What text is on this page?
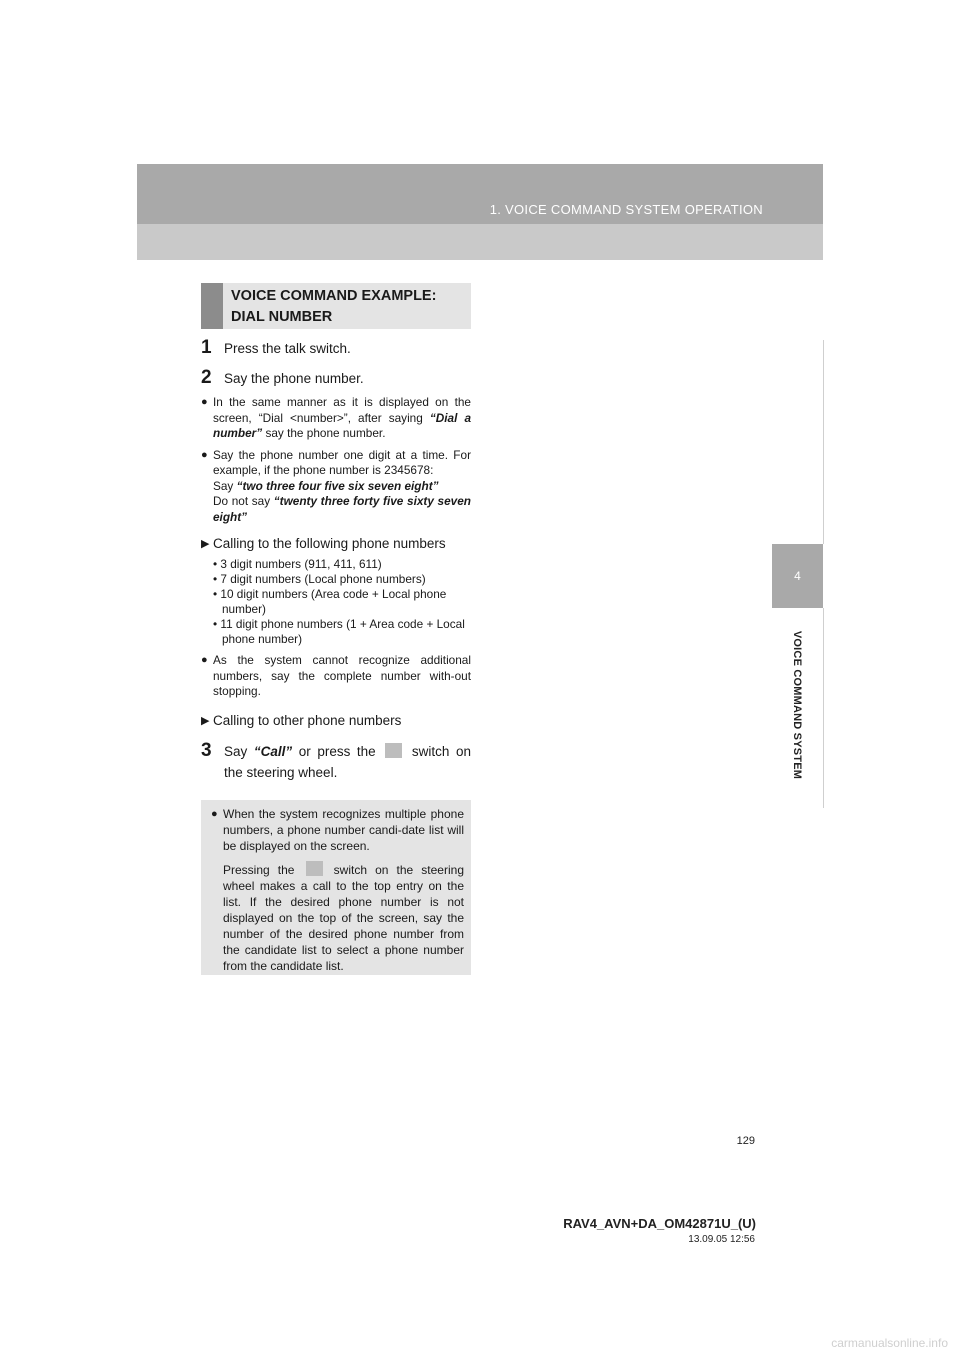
1. VOICE COMMAND SYSTEM OPERATION
4
VOICE COMMAND SYSTEM
VOICE COMMAND EXAMPLE:
DIAL NUMBER
1 Press the talk switch.
2 Say the phone number.
● In the same manner as it is displayed on the screen, “Dial <number>”, after saying “Dial a number” say the phone number.
● Say the phone number one digit at a time. For example, if the phone number is 2345678:
Say “two three four five six seven eight”
Do not say “twenty three forty five sixty seven eight”
▶ Calling to the following phone numbers
• 3 digit numbers (911, 411, 611)
• 7 digit numbers (Local phone numbers)
• 10 digit numbers (Area code + Local phone number)
• 11 digit phone numbers (1 + Area code + Local phone number)
● As the system cannot recognize additional numbers, say the complete number with-out stopping.
▶ Calling to other phone numbers
3 Say “Call” or press the  switch on the steering wheel.
● When the system recognizes multiple phone numbers, a phone number candi-date list will be displayed on the screen.

Pressing the  switch on the steering wheel makes a call to the top entry on the list. If the desired phone number is not displayed on the top of the screen, say the number of the desired phone number from the candidate list to select a phone number from the candidate list.

129
RAV4_AVN+DA_OM42871U_(U)
13.09.05 12:56
carmanualsonline.info
